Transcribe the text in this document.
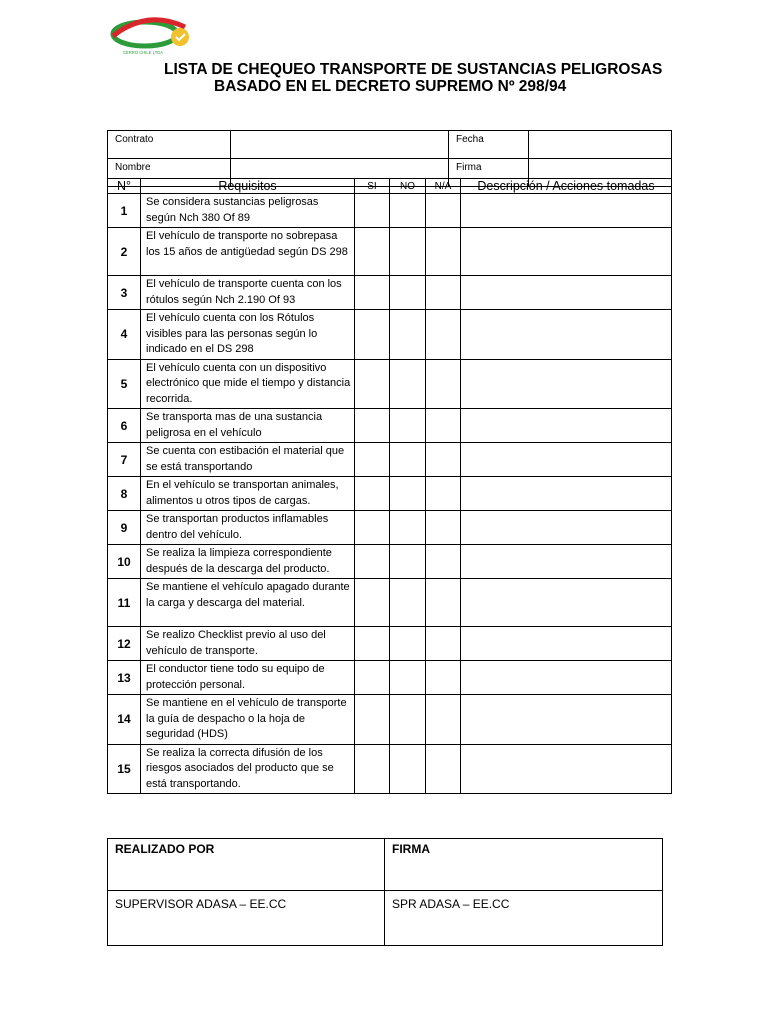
CERRO CHILE LTDA
LISTA DE CHEQUEO TRANSPORTE DE SUSTANCIAS PELIGROSAS
BASADO EN EL DECRETO SUPREMO Nº 298/94
Contrato		Fecha	
Nombre		Firma	
N°	Requisitos	SI	NO	N/A	Descripción / Acciones tomadas
1	Se considera sustancias peligrosas según Nch 380 Of 89				
2	El vehículo de transporte no sobrepasa los 15 años de antigüedad según DS 298				
3	El vehículo de transporte cuenta con los rótulos según Nch 2.190 Of 93				
4	El vehículo cuenta con los Rótulos visibles para las personas según lo indicado en el DS 298				
5	El vehículo cuenta con un dispositivo electrónico que mide el tiempo y distancia recorrida.				
6	Se transporta mas de una sustancia peligrosa en el vehículo				
7	Se cuenta con estibación el material que se está transportando				
8	En el vehículo se transportan animales, alimentos u otros tipos de cargas.				
9	Se transportan productos inflamables dentro del vehículo.				
10	Se realiza la limpieza correspondiente después de la descarga del producto.				
11	Se mantiene el vehículo apagado durante la carga y descarga del material.				
12	Se realizo Checklist previo al uso del vehículo de transporte.				
13	El conductor tiene todo su equipo de protección personal.				
14	Se mantiene en el vehículo de transporte la guía de despacho o la hoja de seguridad (HDS)				
15	Se realiza la correcta difusión de los riesgos asociados del producto que se está transportando.				
REALIZADO POR	FIRMA
SUPERVISOR ADASA – EE.CC	SPR ADASA – EE.CC
